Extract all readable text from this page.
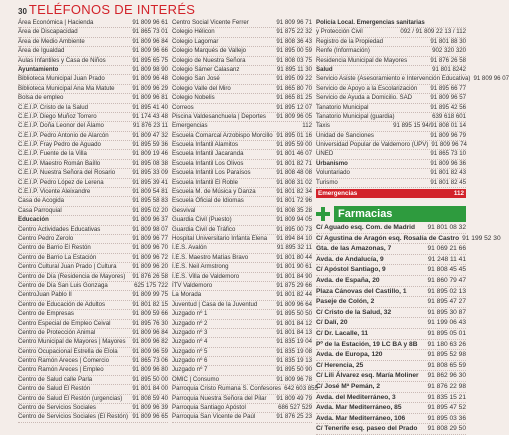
30 TELÉFONOS DE INTERÉS
Área Económica | Hacienda	91 809 96 61
Área de Discapacidad	91 865 73 01
Área de Medio Ambiente	91 809 96 84
Área de Igualdad	91 809 96 66
Aulas Infantiles y Casa de Niños	91 895 65 75
Ayuntamiento	91 809 98 90
Biblioteca Municipal Juan Prado	91 809 96 48
Biblioteca Municipal Ana Ma Matute	91 809 96 29
Bolsa de empleo	91 809 96 81
C.E.I.P. Cristo de la Salud	91 895 41 40
C.E.I.P. Diego Muñoz Torrero	91 174 43 48
C.E.I.P. Doña Leonor del Álamo	91 876 23 11
C.E.I.P. Pedro Antonio de Alarcón	91 809 47 32
C.E.I.P. Fray Pedro de Aguado	91 895 59 36
C.E.I.P. Fuente de la Villa	91 809 19 46
C.E.I.P. Maestro Román Baíllo	91 895 08 38
C.E.I.P. Nuestra Señora del Rosario	91 895 33 09
C.E.I.P. Pedro López de Lerena	91 895 39 41
C.E.I.P. Vicente Aleixandre	91 809 54 81
Casa de Acogida	91 895 58 83
Casa Parroquial	91 895 02 20
Educación	91 809 96 37
Centro Actividades Educativas	91 809 98 07
Centro Pedro Zerolo	91 809 96 77
Centro de Barrio El Restón	91 809 96 70
Centro de Barrio La Estación	91 809 96 72
Centro Cultural Juan Prado | Cultura	91 809 96 20
Centro de Día (Residencia de Mayores)	91 876 26 58
Centro de Día San Luis Gonzaga	625 175 722
CentroJuan Pablo II	91 809 99 75
Centro de Educación de Adultos	91 801 82 15
Centro de Empresas	91 809 59 66
Centro Especial de Empleo Ceival	91 895 76 30
Centro de Protección Animal	91 809 96 84
Centro Municipal de Mayores | Mayores	91 809 96 82
Centro Ocupacional Estrella de Elola	91 809 96 59
Centro Ramón Areces | Comercio	91 865 73 06
Centro Ramón Areces | Empleo	91 809 96 80
Centro de Salud calle Parla	91 895 50 00
Centro de Salud El Restón	91 801 84 00
Centro de Salud El Restón (urgencias)	91 808 59 40
Centro de Servicios Sociales	91 809 96 39
Centro de Servicios Sociales (El Restón) 91 809 96 65
Centro Social Vicente Ferrer	91 809 96 71
Colegio Hélicon	91 875 22 32
Colegio Lagomar	91 808 36 43
Colegio Marqués de Vallejo	91 895 00 59
Colegio de Nuestra Señora	91 808 03 75
Colegio Sámer Calasanz	91 895 11 30
Colegio San José	91 895 09 22
Colegio Valle del Miro	91 865 80 70
Colegio Nobelis	91 865 81 25
Correos	91 895 12 07
Piscina Valdesanchuela | Deportes	91 809 96 05
Emergencias	112
Escuela Comarcal Arzobispo Morcillo 91 895 01 16
Escuela Infantil Alamitos	91 895 59 00
Escuela Infantil Jacaranda	91 801 46 07
Escuela Infantil Los Olivos	91 801 82 71
Escuela Infantil Los Paraísos	91 808 48 08
Escuela Infantil El Roble	91 808 31 02
Escuela M. de Música y Danza	91 801 82 34
Escuela Oficial de Idiomas	91 801 72 96
Gesvival	91 808 35 28
Guardia Civil (Puesto)	91 809 94 05
Guardia Civil de Tráfico	91 895 00 73
Hospital Universitario Infanta Elena	91 894 84 10
I.E.S. Avalón	91 895 32 11
I.E.S. Maestro Matías Bravo	91 801 80 44
I.E.S. Neil Armstrong	91 801 90 61
I.E.S. Villa de Valdemoro	91 801 84 90
ITV Valdemoro	91 875 29 66
La Morada	91 801 82 44
Juventud | Casa de la Juventud	91 809 96 64
Juzgado nº 1	91 895 50 50
Juzgado nº 2	91 801 84 12
Juzgado nº 3	91 801 84 13
Juzgado nº 4	91 835 19 04
Juzgado nº 5	91 835 19 08
Juzgado nº 6	91 835 19 13
Juzgado nº 7	91 895 50 90
OMIC | Consumo	91 809 96 78
Parroquia Cristo Rumana S. Confesores 642 603 855
Parroquia Nuestra Señora del Pilar	91 809 49 79
Parroquia Santiago Apóstol	686 527 529
Parroquia San Vicente de Paúl	91 876 25 23
Policía Local. Emergencias sanitarias
y Protección Civil	092 / 91 809 22 13 / 112
Registro de la Propiedad	91 801 88 30
Renfe (Información)	902 320 320
Residencia Municipal de Mayores	91 876 26 58
Salud	91 801 8242
Servicio Asiste (Asesoramiento e Intervención Educativa) 91 809 96 07
Servicio de Apoyo a la Escolarización	91 895 66 77
Servicio de Ayuda a Domicilio. SAD	91 809 96 57
Tanatorio Municipal	91 895 42 56
Tanatorio Municipal (guardia)	639 618 601
Taxis	91 895 15 94/91 808 01 14
Unidad de Sanciones	91 809 96 79
Universidad Popular de Valdemoro (UPV) 91 809 96 74
UNED	91 865 73 10
Urbanismo	91 809 96 36
Voluntariado	91 801 82 43
Turismo	91 801 82 45
Emergencias	112
Farmacias
C/ Aguado esq. Com. de Madrid	91 801 08 32
C/ Agustina de Aragón esq. Rosalía de Castro 91 199 52 30
Gta. de las Amazonas, 7	91 069 21 66
Avda. de Andalucía, 9	91 248 11 41
C/ Apóstol Santiago, 9	91 808 45 45
Avda. de España, 20	91 860 79 47
Plaza Cánovas del Castillo, 1	91 895 02 13
Paseje de Colón, 2	91 895 47 27
C/ Cristo de la Salud, 32	91 895 30 87
C/ Dalí, 20	91 199 06 43
C/ Dr. Lacalle, 11	91 895 05 01
Pº de la Estación, 19 LC BA y 8B	91 180 63 26
Avda. de Europa, 120	91 895 52 98
C/ Herencia, 25	91 808 65 59
C/ Lili Álvarez esq. María Moliner	91 862 96 30
C/ José Mª Pemán, 2	91 876 22 98
Avda. del Mediterráneo, 3	91 835 15 21
Avda. Mar Mediterráneo, 85	91 895 47 52
Avda. Mar Mediterráneo, 106	91 895 03 36
C/ Tenerife esq. paseo del Prado	91 808 29 50
